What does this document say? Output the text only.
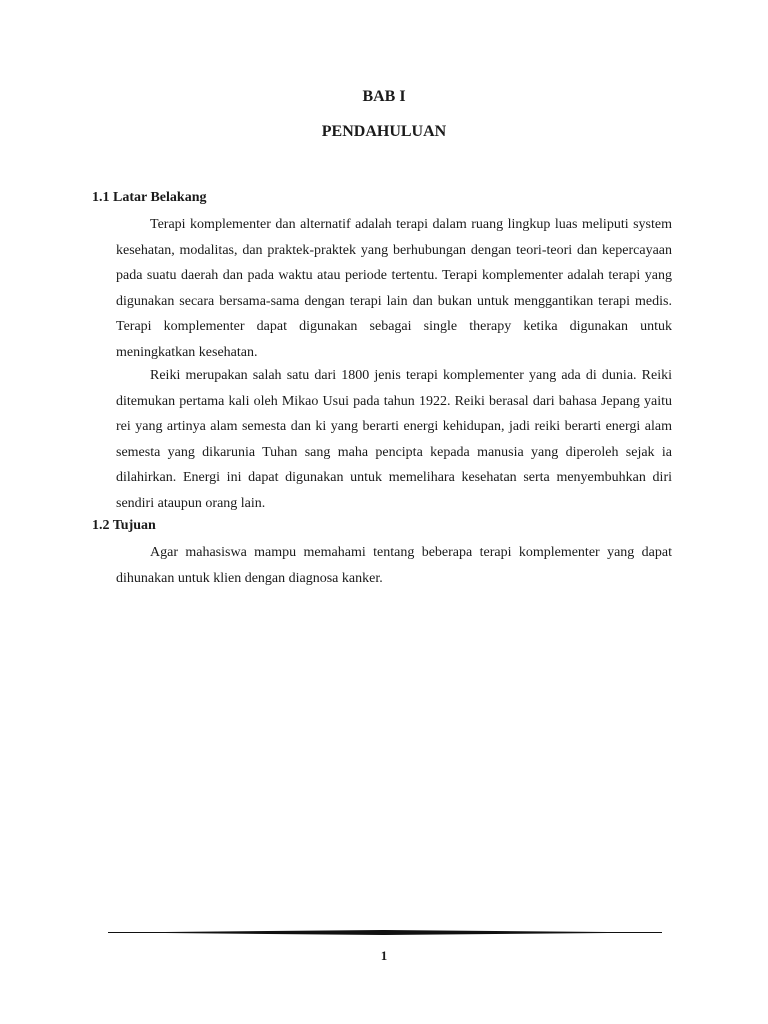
BAB I
PENDAHULUAN
1.1 Latar Belakang
Terapi komplementer dan alternatif adalah terapi dalam ruang lingkup luas meliputi system kesehatan, modalitas, dan praktek-praktek yang berhubungan dengan teori-teori dan kepercayaan pada suatu daerah dan pada waktu atau periode tertentu. Terapi komplementer adalah terapi yang digunakan secara bersama-sama dengan terapi lain dan bukan untuk menggantikan terapi medis. Terapi komplementer dapat digunakan sebagai single therapy ketika digunakan untuk meningkatkan kesehatan.
Reiki merupakan salah satu dari 1800 jenis terapi komplementer yang ada di dunia. Reiki ditemukan pertama kali oleh Mikao Usui pada tahun 1922. Reiki berasal dari bahasa Jepang yaitu rei yang artinya alam semesta dan ki yang berarti energi kehidupan, jadi reiki berarti energi alam semesta yang dikarunia Tuhan sang maha pencipta kepada manusia yang diperoleh sejak ia dilahirkan. Energi ini dapat digunakan untuk memelihara kesehatan serta menyembuhkan diri sendiri ataupun orang lain.
1.2 Tujuan
Agar mahasiswa mampu memahami tentang beberapa terapi komplementer yang dapat dihunakan untuk klien dengan diagnosa kanker.
1
